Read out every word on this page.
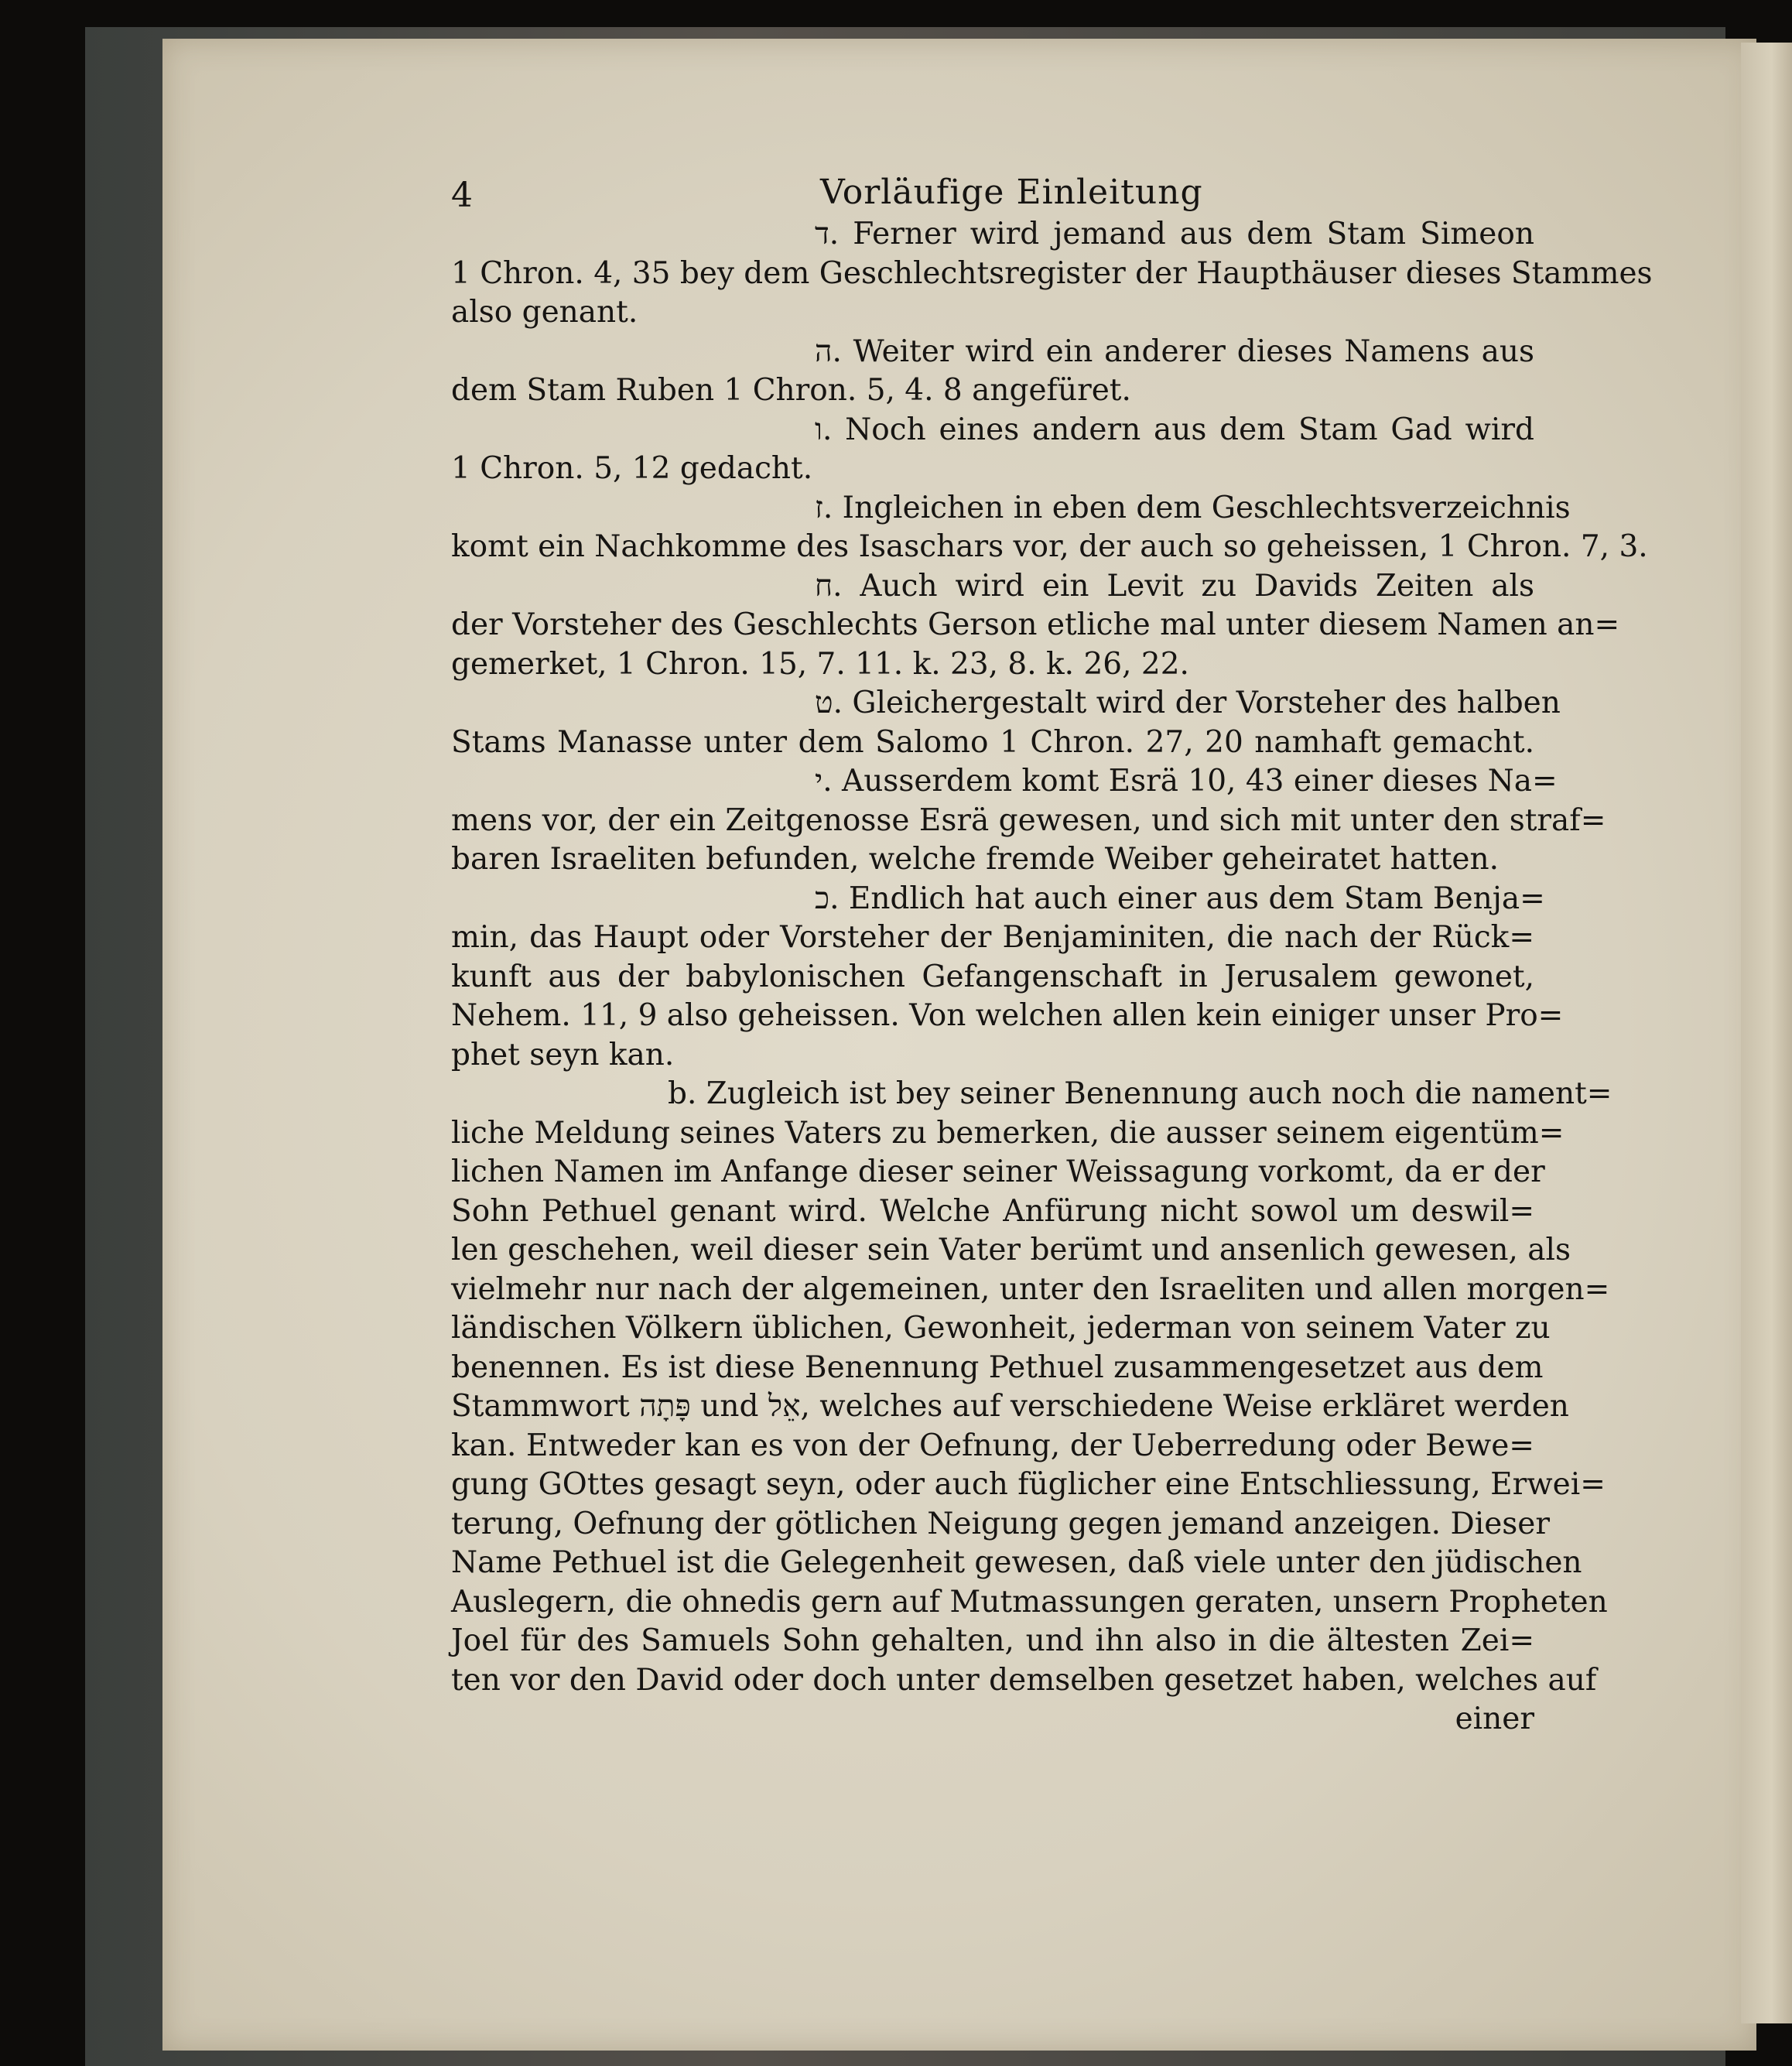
4	Vorläufige Einleitung
ד. Ferner wird jemand aus dem Stam Simeon
1 Chron. 4, 35 bey dem Geschlechtsregister der Haupthäuser dieses Stammes
also genant.
ה. Weiter wird ein anderer dieses Namens aus
dem Stam Ruben 1 Chron. 5, 4. 8 angefüret.
ו. Noch eines andern aus dem Stam Gad wird
1 Chron. 5, 12 gedacht.
ז. Ingleichen in eben dem Geschlechtsverzeichnis
komt ein Nachkomme des Isaschars vor, der auch so geheissen, 1 Chron. 7, 3.
ח. Auch wird ein Levit zu Davids Zeiten als
der Vorsteher des Geschlechts Gerson etliche mal unter diesem Namen an=
gemerket, 1 Chron. 15, 7. 11. k. 23, 8. k. 26, 22.
ט. Gleichergestalt wird der Vorsteher des halben
Stams Manasse unter dem Salomo 1 Chron. 27, 20 namhaft gemacht.
י. Ausserdem komt Esrä 10, 43 einer dieses Na=
mens vor, der ein Zeitgenosse Esrä gewesen, und sich mit unter den straf=
baren Israeliten befunden, welche fremde Weiber geheiratet hatten.
כ. Endlich hat auch einer aus dem Stam Benja=
min, das Haupt oder Vorsteher der Benjaminiten, die nach der Rück=
kunft aus der babylonischen Gefangenschaft in Jerusalem gewonet,
Nehem. 11, 9 also geheissen. Von welchen allen kein einiger unser Pro=
phet seyn kan.
b. Zugleich ist bey seiner Benennung auch noch die nament=
liche Meldung seines Vaters zu bemerken, die ausser seinem eigentüm=
lichen Namen im Anfange dieser seiner Weissagung vorkomt, da er der
Sohn Pethuel genant wird. Welche Anfürung nicht sowol um deswil=
len geschehen, weil dieser sein Vater berümt und ansenlich gewesen, als
vielmehr nur nach der algemeinen, unter den Israeliten und allen morgen=
ländischen Völkern üblichen, Gewonheit, jederman von seinem Vater zu
benennen. Es ist diese Benennung Pethuel zusammengesetzet aus dem
Stammwort פָּתָה und אֵל, welches auf verschiedene Weise erkläret werden
kan. Entweder kan es von der Oefnung, der Ueberredung oder Bewe=
gung GOttes gesagt seyn, oder auch füglicher eine Entschliessung, Erwei=
terung, Oefnung der götlichen Neigung gegen jemand anzeigen. Dieser
Name Pethuel ist die Gelegenheit gewesen, daß viele unter den jüdischen
Auslegern, die ohnedis gern auf Mutmassungen geraten, unsern Propheten
Joel für des Samuels Sohn gehalten, und ihn also in die ältesten Zei=
ten vor den David oder doch unter demselben gesetzet haben, welches auf
einer
